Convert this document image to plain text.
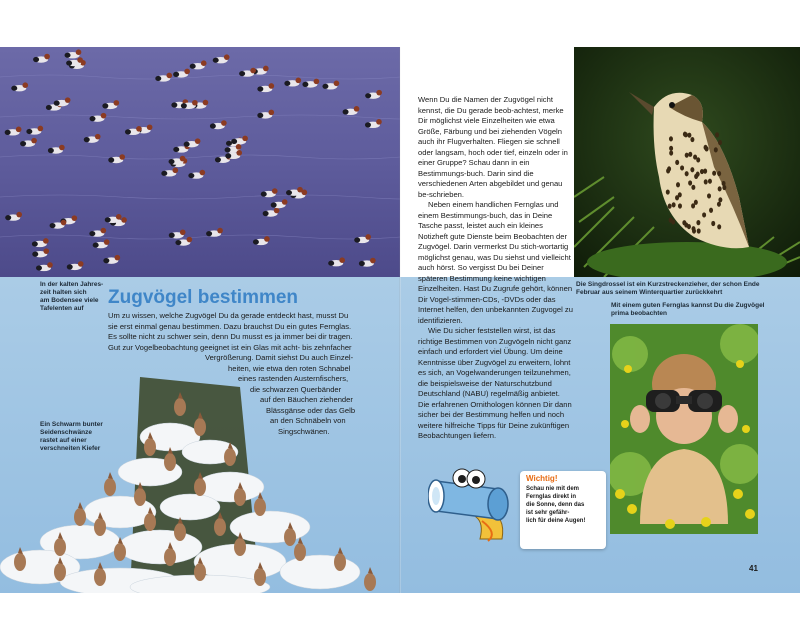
In der kalten Jahres-
zeit halten sich
am Bodensee viele
Tafelenten auf
Zugvögel bestimmen
Um zu wissen, welche Zugvögel Du da gerade entdeckt hast, musst Du
sie erst einmal genau bestimmen. Dazu brauchst Du ein gutes Fernglas.
Es sollte nicht zu schwer sein, denn Du musst es ja immer bei dir tragen.
Gut zur Vogelbeobachtung geeignet ist ein Glas mit acht- bis zehnfacher
Vergrößerung. Damit siehst Du auch Einzel-
heiten, wie etwa den roten Schnabel
eines rastenden Austernfischers,
die schwarzen Querbänder
auf den Bäuchen ziehender
Blässgänse oder das Gelb
an den Schnäbeln von
Singschwänen.
Ein Schwarm bunter
Seidenschwänze
rastet auf einer
verschneiten Kiefer

Wenn Du die Namen der Zugvögel nicht kennst, die Du gerade beob-achtest, merke Dir möglichst viele Einzelheiten wie etwa Größe, Färbung und bei ziehenden Vögeln auch ihr Flugverhalten. Fliegen sie schnell oder langsam, hoch oder tief, einzeln oder in einer Gruppe? Schau dann in ein Bestimmungs-buch. Darin sind die verschiedenen Arten abgebildet und genau be-schrieben.

Neben einem handlichen Fernglas und einem Bestimmungs-buch, das in Deine Tasche passt, leistet auch ein kleines Notizheft gute Dienste beim Beobachten der Zugvögel. Darin vermerkst Du stich-wortartig möglichst genau, was Du siehst und vielleicht auch hörst. So vergisst Du bei Deiner späteren Bestimmung keine wichtigen Einzelheiten. Hast Du Zugrufe gehört, können Dir Vogel-stimmen-CDs, -DVDs oder das Internet helfen, den unbekannten Zugvogel zu identifizieren.

Wie Du sicher feststellen wirst, ist das richtige Bestimmen von Zugvögeln nicht ganz einfach und erfordert viel Übung. Um deine Kenntnisse über Zugvögel zu erweitern, lohnt es sich, an Vogelwanderungen teilzunehmen, die beispielsweise der Naturschutzbund Deutschland (NABU) regelmäßig anbietet. Die erfahrenen Ornithologen können Dir dann sicher bei der Bestimmung helfen und noch weitere hilfreiche Tipps für Deine zukünftigen Beobachtungen liefern.

Die Singdrossel ist ein Kurzstreckenzieher, der schon Ende
Februar aus seinem Winterquartier zurückkehrt
Mit einem guten Fernglas kannst Du die Zugvögel
prima beobachten
Wichtig!
Schau nie mit dem
Fernglas direkt in
die Sonne, denn das
ist sehr gefähr-
lich für deine Augen!
41
